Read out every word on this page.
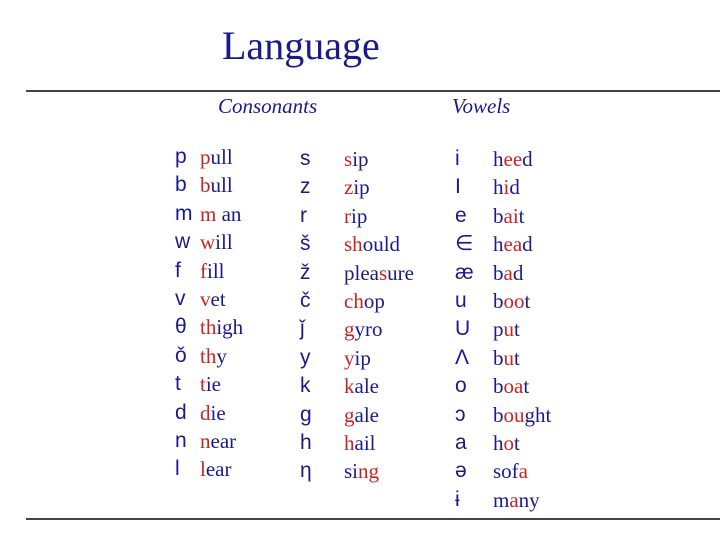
Language
Consonants	Vowels
p pull
b bull
m m an
w will
f fill
v vet
θ thigh
ǒ thy
t tie
d die
n near
l lear
s sip
z zip
r rip
š should
ž pleasure
č chop
ǰ gyro
y yip
k kale
g gale
h hail
η sing
i heed
I hid
e bait
∈ head
æ bad
u boot
U put
Λ but
o boat
ɔ bought
a hot
ə sofa
ɨ many
